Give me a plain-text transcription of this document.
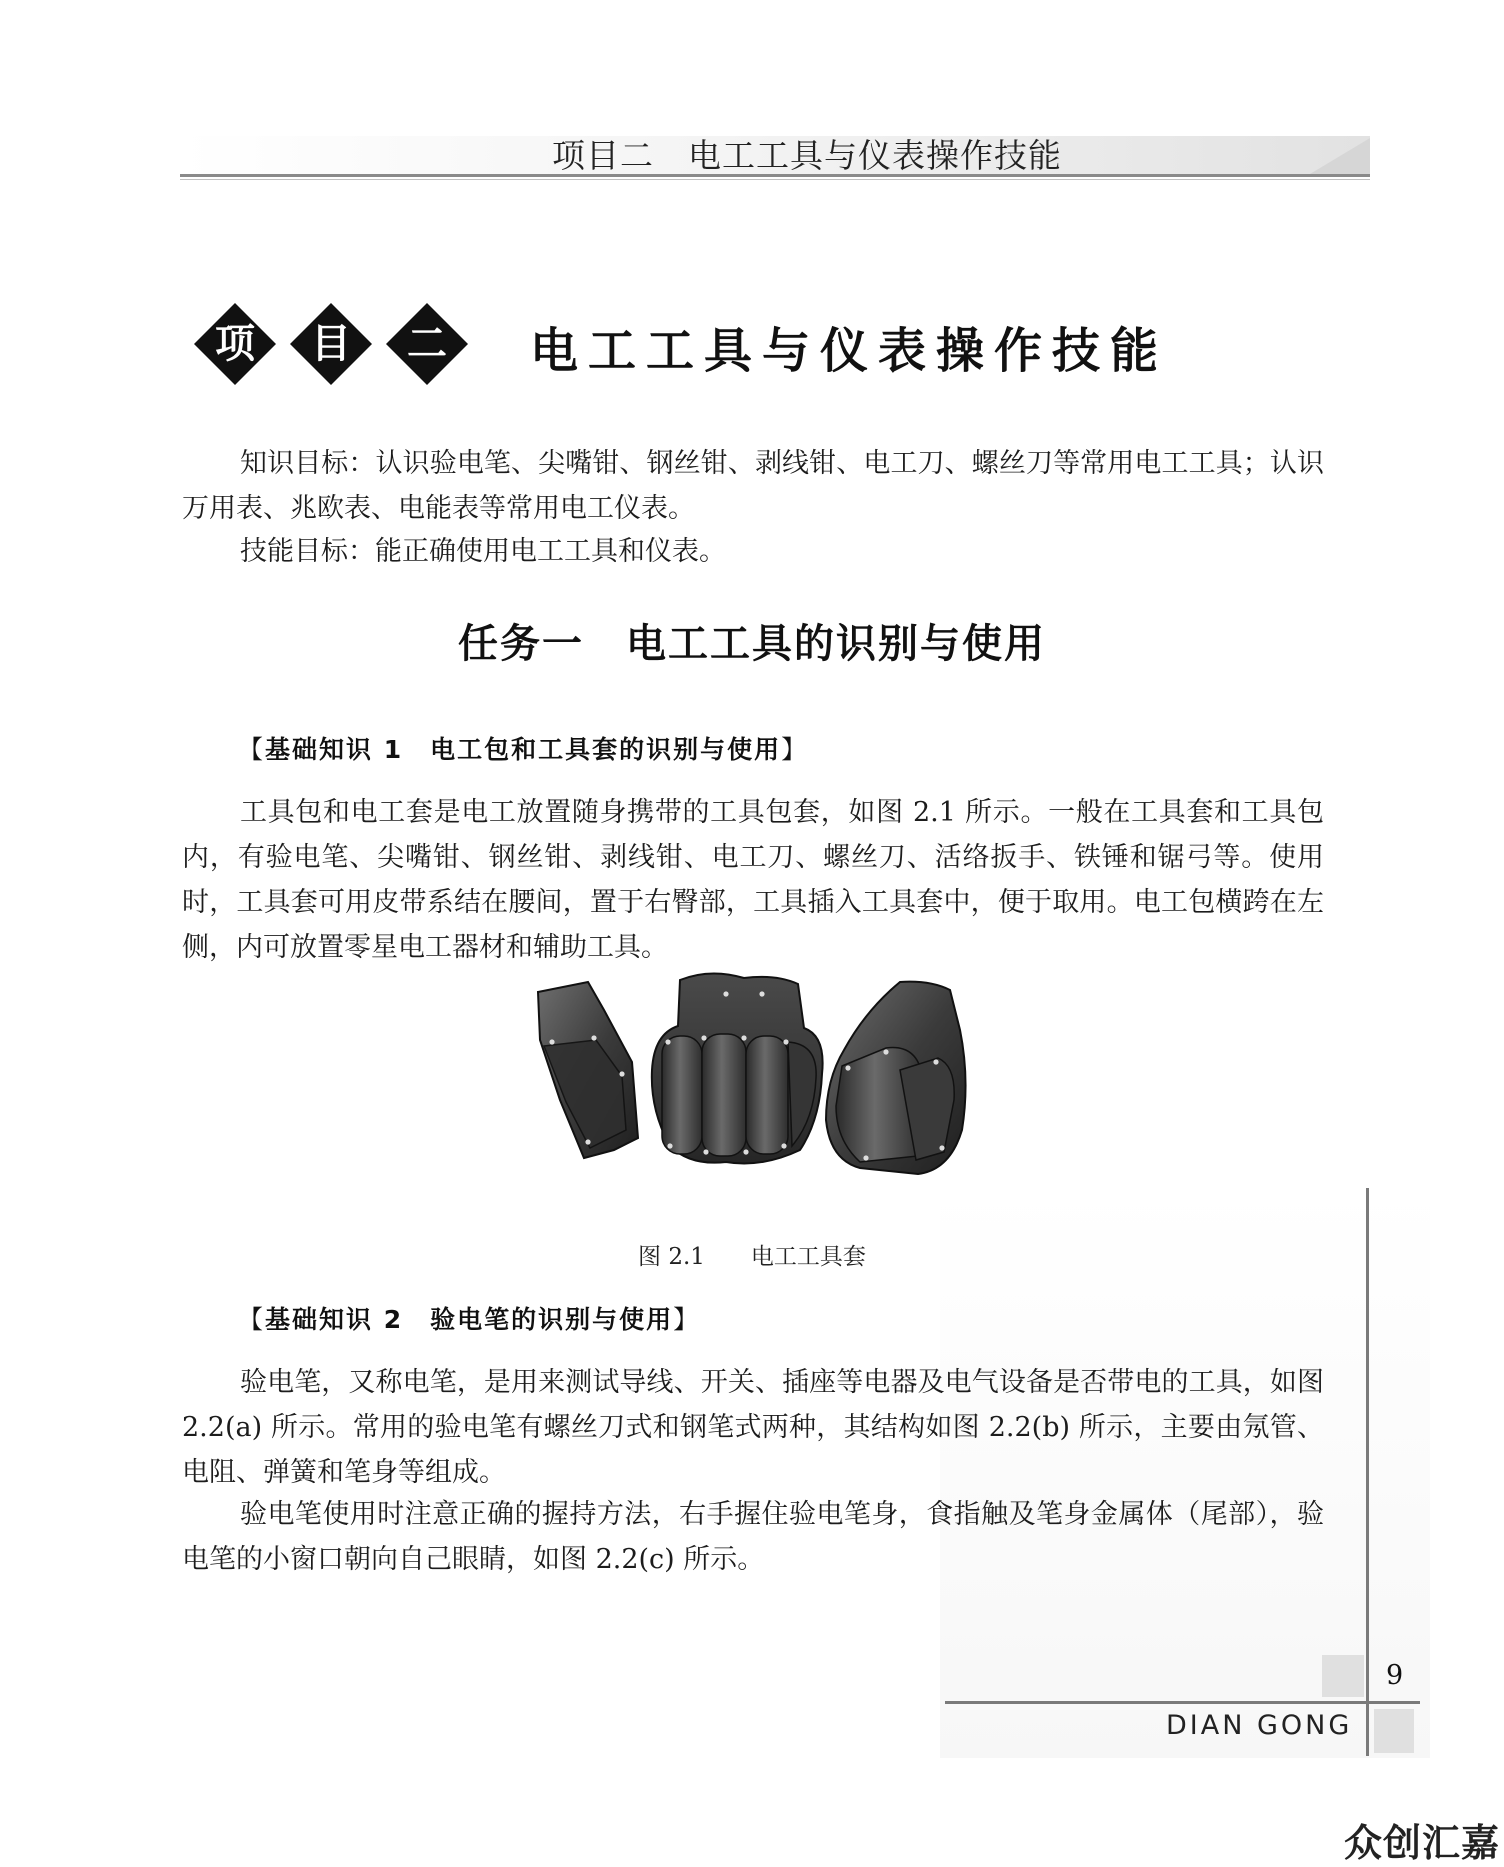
项目二　电工工具与仪表操作技能
项	目	二	电工工具与仪表操作技能
知识目标：认识验电笔、尖嘴钳、钢丝钳、剥线钳、电工刀、螺丝刀等常用电工工具；认识万用表、兆欧表、电能表等常用电工仪表。
技能目标：能正确使用电工工具和仪表。
任务一　电工工具的识别与使用
【基础知识 1　电工包和工具套的识别与使用】
工具包和电工套是电工放置随身携带的工具包套，如图 2.1 所示。一般在工具套和工具包内，有验电笔、尖嘴钳、钢丝钳、剥线钳、电工刀、螺丝刀、活络扳手、铁锤和锯弓等。使用时，工具套可用皮带系结在腰间，置于右臀部，工具插入工具套中，便于取用。电工包横跨在左侧，内可放置零星电工器材和辅助工具。
图 2.1　　电工工具套
【基础知识 2　验电笔的识别与使用】
验电笔，又称电笔，是用来测试导线、开关、插座等电器及电气设备是否带电的工具，如图 2.2(a) 所示。常用的验电笔有螺丝刀式和钢笔式两种，其结构如图 2.2(b) 所示，主要由氖管、电阻、弹簧和笔身等组成。
验电笔使用时注意正确的握持方法，右手握住验电笔身，食指触及笔身金属体（尾部），验电笔的小窗口朝向自己眼睛，如图 2.2(c) 所示。
9
DIAN GONG
众创汇嘉
